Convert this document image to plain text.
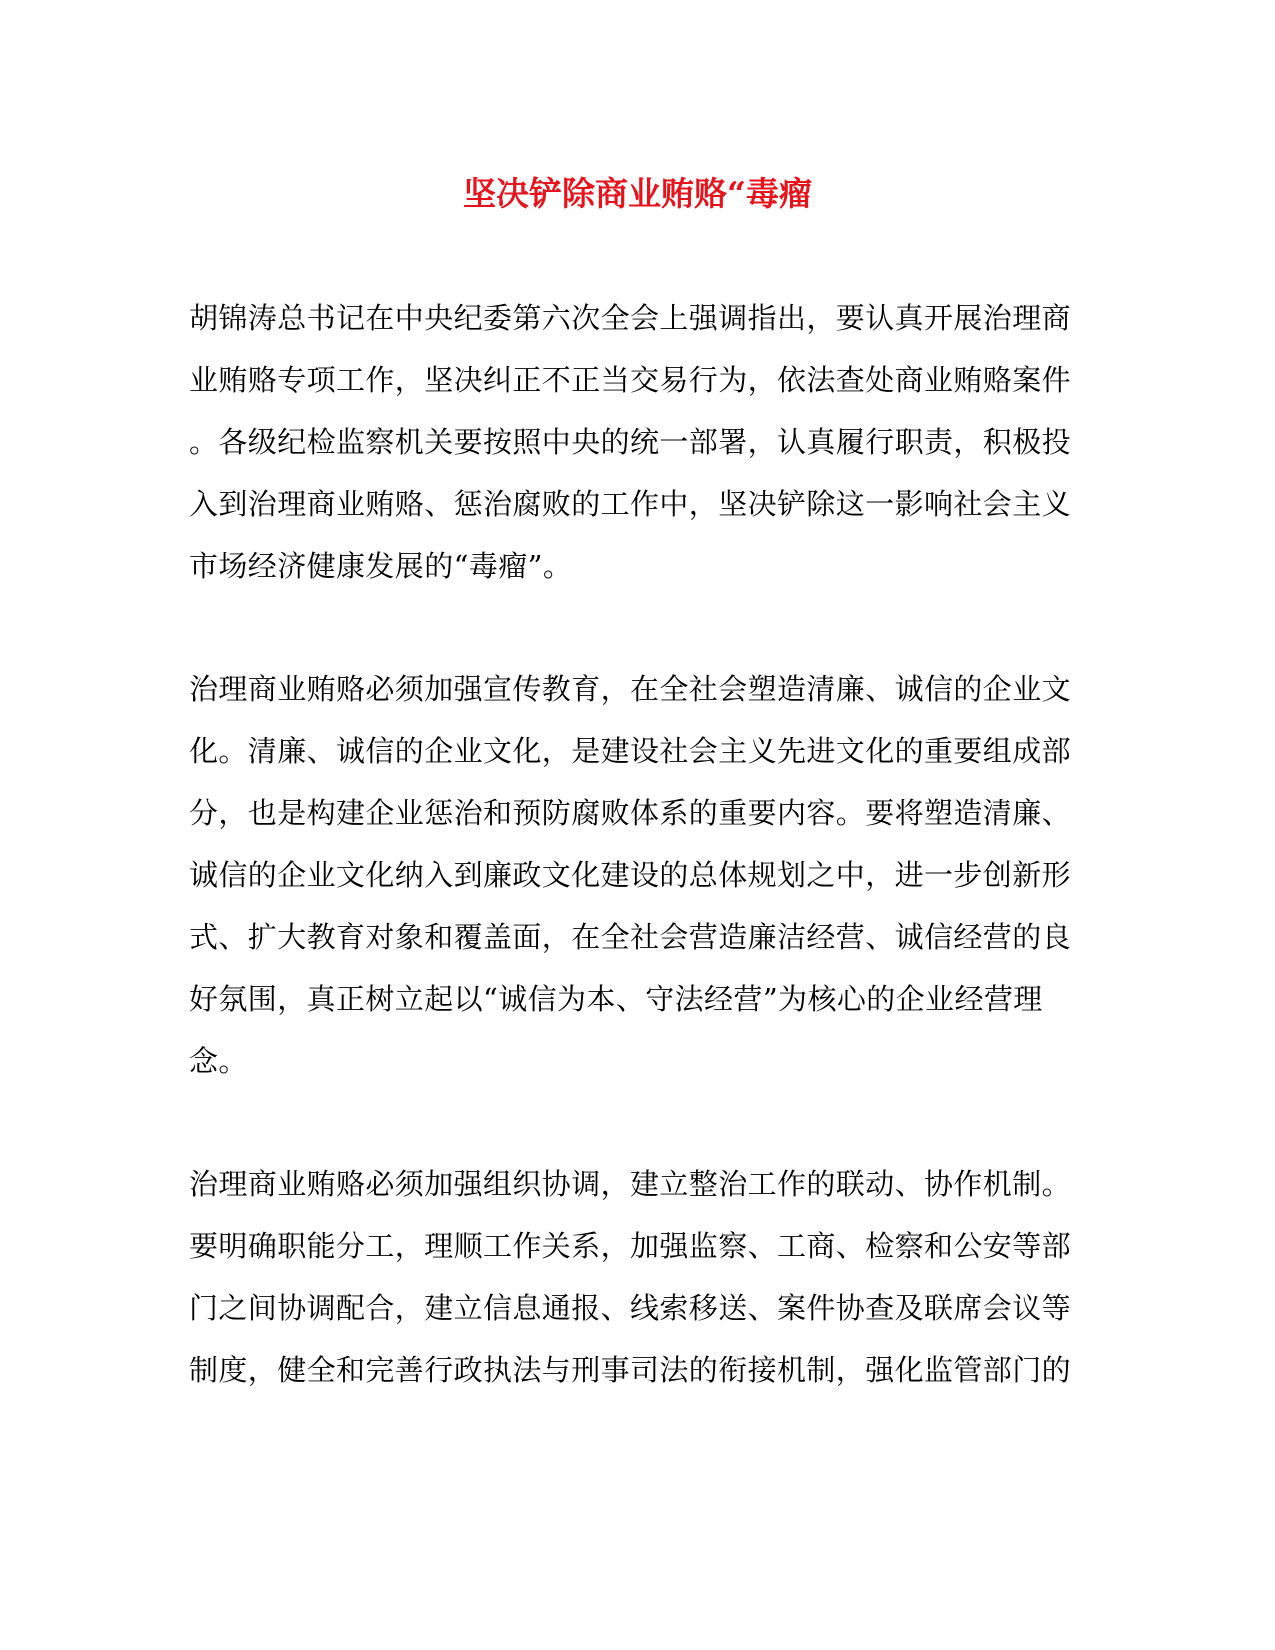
坚决铲除商业贿赂“毒瘤

胡锦涛总书记在中央纪委第六次全会上强调指出，要认真开展治理商
业贿赂专项工作，坚决纠正不正当交易行为，依法查处商业贿赂案件
。各级纪检监察机关要按照中央的统一部署，认真履行职责，积极投
入到治理商业贿赂、惩治腐败的工作中，坚决铲除这一影响社会主义
市场经济健康发展的“毒瘤”。

治理商业贿赂必须加强宣传教育，在全社会塑造清廉、诚信的企业文
化。清廉、诚信的企业文化，是建设社会主义先进文化的重要组成部
分，也是构建企业惩治和预防腐败体系的重要内容。要将塑造清廉、
诚信的企业文化纳入到廉政文化建设的总体规划之中，进一步创新形
式、扩大教育对象和覆盖面，在全社会营造廉洁经营、诚信经营的良
好氛围，真正树立起以“诚信为本、守法经营”为核心的企业经营理
念。

治理商业贿赂必须加强组织协调，建立整治工作的联动、协作机制。
要明确职能分工，理顺工作关系，加强监察、工商、检察和公安等部
门之间协调配合，建立信息通报、线索移送、案件协查及联席会议等
制度，健全和完善行政执法与刑事司法的衔接机制，强化监管部门的
